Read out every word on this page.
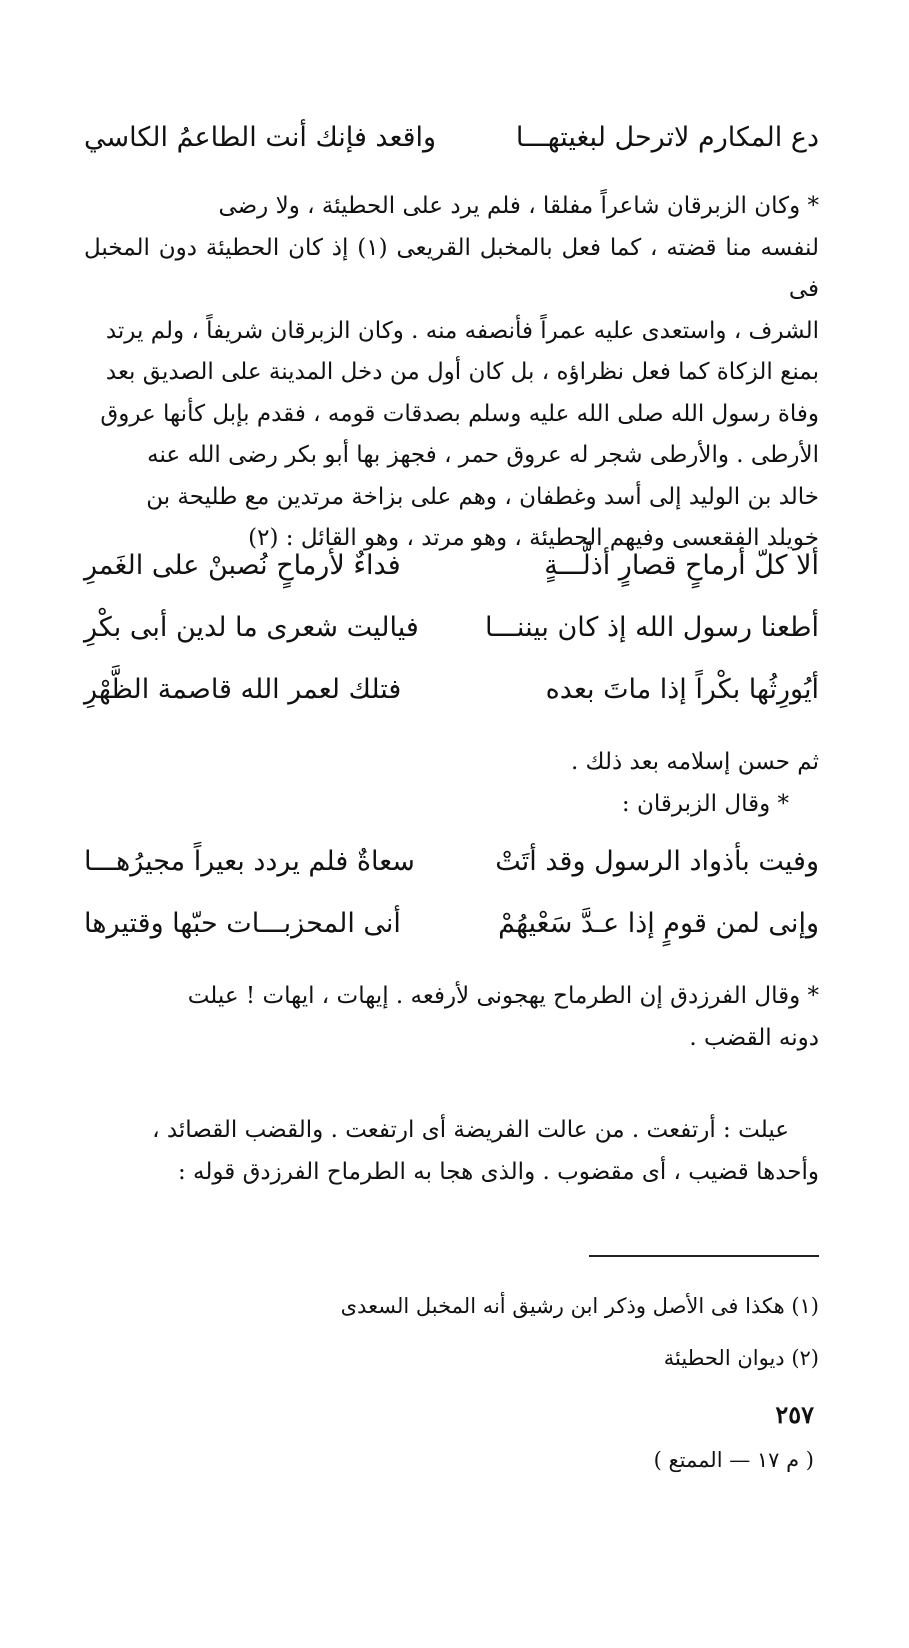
دع المكارم لاترحل لبغيتهـــا
واقعد فإنك أنت الطاعمُ الكاسي

* وكان الزبرقان شاعراً مفلقا ، فلم يرد على الحطيئة ، ولا رضى

لنفسه منا قضته ، كما فعل بالمخبل القريعى (١) إذ كان الحطيئة دون المخبل فى

الشرف ، واستعدى عليه عمراً فأنصفه منه . وكان الزبرقان شريفاً ، ولم يرتد

بمنع الزكاة كما فعل نظراؤه ، بل كان أول من دخل المدينة على الصديق بعد

وفاة رسول الله صلى الله عليه وسلم بصدقات قومه ، فقدم بإبل كأنها عروق

الأرطى . والأرطى شجر له عروق حمر ، فجهز بها أبو بكر رضى الله عنه

خالد بن الوليد إلى أسد وغطفان ، وهم على بزاخة مرتدين مع طليحة بن

خويلد الفقعسى وفيهم الحطيئة ، وهو مرتد ، وهو القائل : (٢)

ألا كلّ أرماحٍ قصارٍ أذلَّـــةٍ
فداءٌ لأرماحٍ نُصبنْ على الغَمرِ
أطعنا رسول الله إذ كان بيننـــا
فياليت شعرى ما لدين أبى بكْرِ
أيُورِثُها بكْراً إذا ماتَ بعده
فتلك لعمر الله قاصمة الظَّهْرِ

ثم حسن إسلامه بعد ذلك .

* وقال الزبرقان :

وفيت بأذواد الرسول وقد أتَتْ
سعاةٌ فلم يردد بعيراً مجيرُهـــا
وإنى لمن قومٍ إذا عـدَّ سَعْيهُمْ
أنى المحزبـــات حبّها وقتيرها

* وقال الفرزدق إن الطرماح يهجونى لأرفعه . إيهات ، ايهات ! عيلت

دونه القضب .

عيلت : أرتفعت . من عالت الفريضة أى ارتفعت . والقضب القصائد ،

وأحدها قضيب ، أى مقضوب . والذى هجا به الطرماح الفرزدق قوله :

(١) هكذا فى الأصل وذكر ابن رشيق أنه المخبل السعدى
(٢) ديوان الحطيئة
٢٥٧
( م ١٧ — الممتع )
